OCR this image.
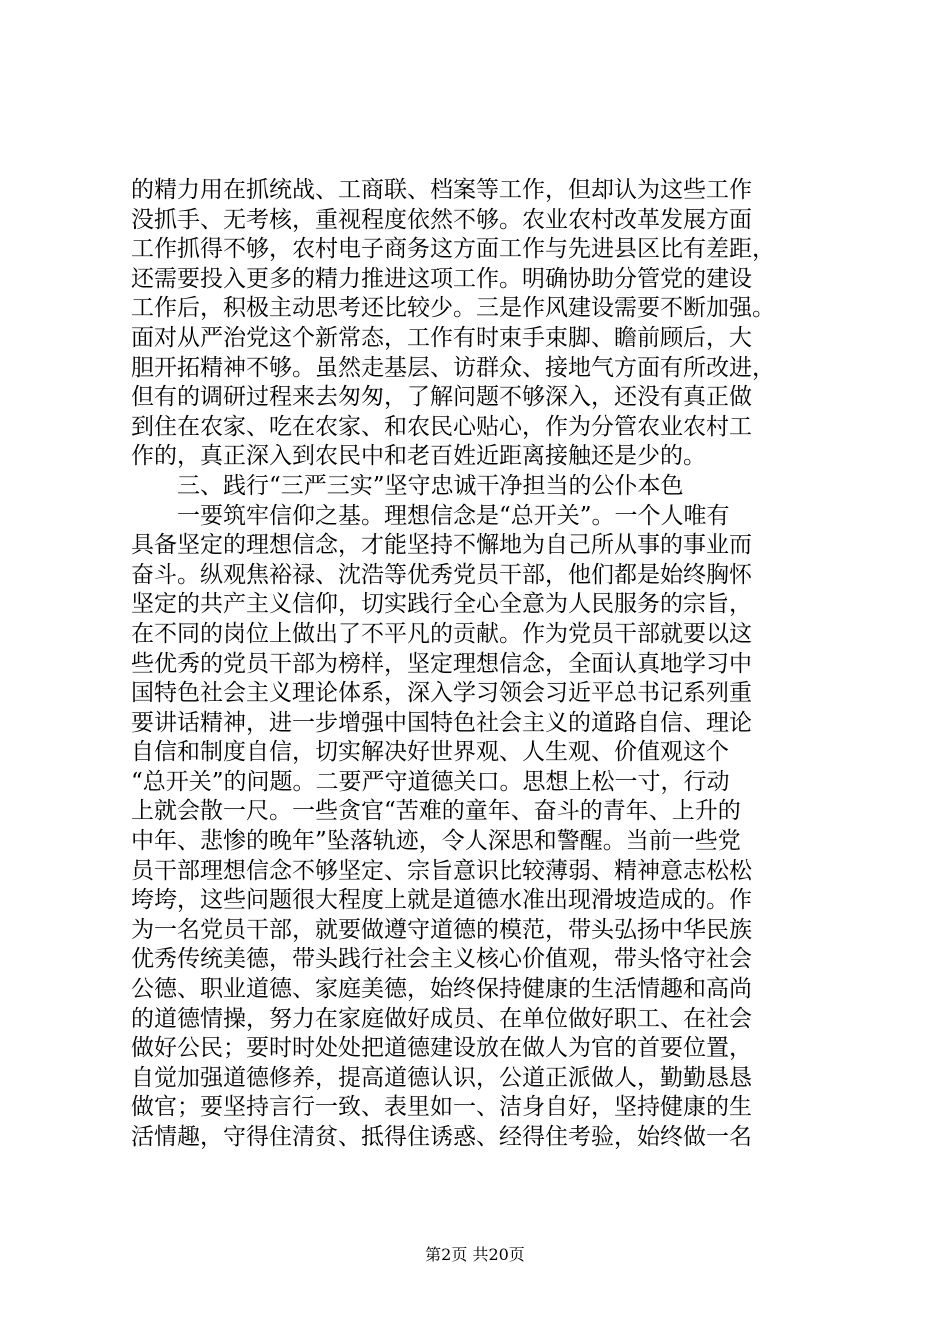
的精力用在抓统战、工商联、档案等工作，但却认为这些工作
没抓手、无考核，重视程度依然不够。农业农村改革发展方面
工作抓得不够，农村电子商务这方面工作与先进县区比有差距，
还需要投入更多的精力推进这项工作。明确协助分管党的建设
工作后，积极主动思考还比较少。三是作风建设需要不断加强。
面对从严治党这个新常态，工作有时束手束脚、瞻前顾后，大
胆开拓精神不够。虽然走基层、访群众、接地气方面有所改进，
但有的调研过程来去匆匆，了解问题不够深入，还没有真正做
到住在农家、吃在农家、和农民心贴心，作为分管农业农村工
作的，真正深入到农民中和老百姓近距离接触还是少的。
三、践行“三严三实”坚守忠诚干净担当的公仆本色
一要筑牢信仰之基。理想信念是“总开关”。一个人唯有
具备坚定的理想信念，才能坚持不懈地为自己所从事的事业而
奋斗。纵观焦裕禄、沈浩等优秀党员干部，他们都是始终胸怀
坚定的共产主义信仰，切实践行全心全意为人民服务的宗旨，
在不同的岗位上做出了不平凡的贡献。作为党员干部就要以这
些优秀的党员干部为榜样，坚定理想信念，全面认真地学习中
国特色社会主义理论体系，深入学习领会习近平总书记系列重
要讲话精神，进一步增强中国特色社会主义的道路自信、理论
自信和制度自信，切实解决好世界观、人生观、价值观这个
“总开关”的问题。二要严守道德关口。思想上松一寸，行动
上就会散一尺。一些贪官“苦难的童年、奋斗的青年、上升的
中年、悲惨的晚年”坠落轨迹，令人深思和警醒。当前一些党
员干部理想信念不够坚定、宗旨意识比较薄弱、精神意志松松
垮垮，这些问题很大程度上就是道德水准出现滑坡造成的。作
为一名党员干部，就要做遵守道德的模范，带头弘扬中华民族
优秀传统美德，带头践行社会主义核心价值观，带头恪守社会
公德、职业道德、家庭美德，始终保持健康的生活情趣和高尚
的道德情操，努力在家庭做好成员、在单位做好职工、在社会
做好公民；要时时处处把道德建设放在做人为官的首要位置，
自觉加强道德修养，提高道德认识，公道正派做人，勤勤恳恳
做官；要坚持言行一致、表里如一、洁身自好，坚持健康的生
活情趣，守得住清贫、抵得住诱惑、经得住考验，始终做一名
第2页 共20页
